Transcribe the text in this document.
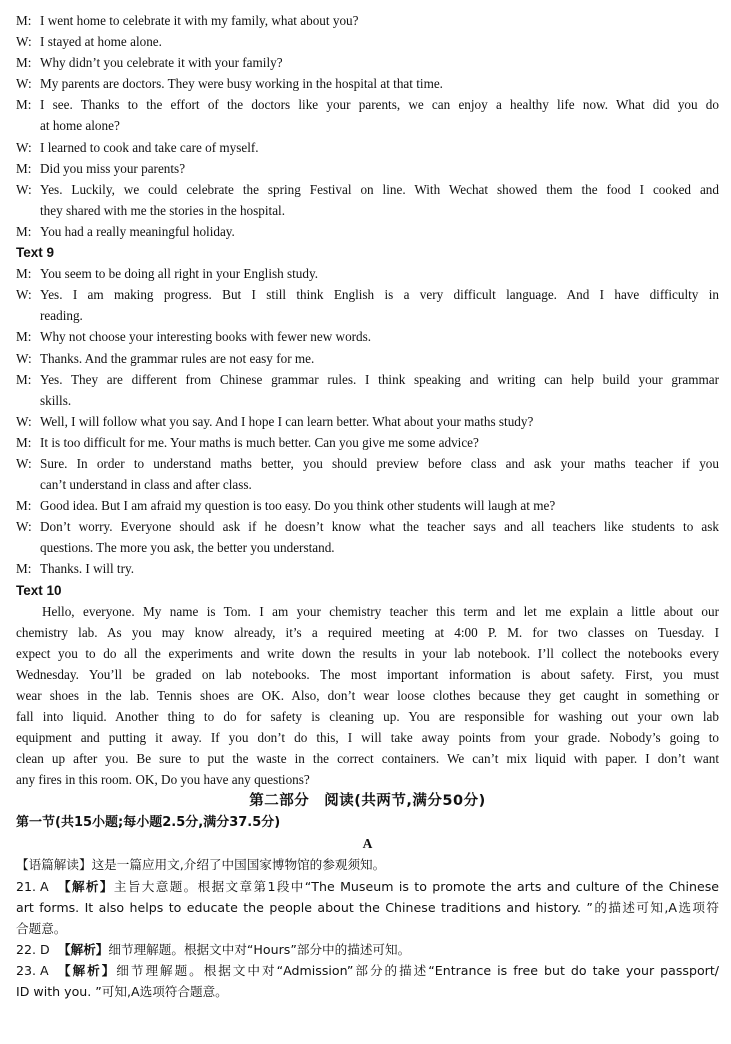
M: I went home to celebrate it with my family, what about you?
W: I stayed at home alone.
M: Why didn’t you celebrate it with your family?
W: My parents are doctors. They were busy working in the hospital at that time.
M: I see. Thanks to the effort of the doctors like your parents, we can enjoy a healthy life now. What did you do
at home alone?
W: I learned to cook and take care of myself.
M: Did you miss your parents?
W: Yes. Luckily, we could celebrate the spring Festival on line. With Wechat showed them the food I cooked and
they shared with me the stories in the hospital.
M: You had a really meaningful holiday.
Text 9
M: You seem to be doing all right in your English study.
W: Yes. I am making progress. But I still think English is a very difficult language. And I have difficulty in
reading.
M: Why not choose your interesting books with fewer new words.
W: Thanks. And the grammar rules are not easy for me.
M: Yes. They are different from Chinese grammar rules. I think speaking and writing can help build your grammar
skills.
W: Well, I will follow what you say. And I hope I can learn better. What about your maths study?
M: It is too difficult for me. Your maths is much better. Can you give me some advice?
W: Sure. In order to understand maths better, you should preview before class and ask your maths teacher if you
can’t understand in class and after class.
M: Good idea. But I am afraid my question is too easy. Do you think other students will laugh at me?
W: Don’t worry. Everyone should ask if he doesn’t know what the teacher says and all teachers like students to ask
questions. The more you ask, the better you understand.
M: Thanks. I will try.
Text 10
Hello, everyone. My name is Tom. I am your chemistry teacher this term and let me explain a little about our
chemistry lab. As you may know already, it’s a required meeting at 4:00 P. M. for two classes on Tuesday. I
expect you to do all the experiments and write down the results in your lab notebook. I’ll collect the notebooks every
Wednesday. You’ll be graded on lab notebooks. The most important information is about safety. First, you must
wear shoes in the lab. Tennis shoes are OK. Also, don’t wear loose clothes because they get caught in something or
fall into liquid. Another thing to do for safety is cleaning up. You are responsible for washing out your own lab
equipment and putting it away. If you don’t do this, I will take away points from your grade. Nobody’s going to
clean up after you. Be sure to put the waste in the correct containers. We can’t mix liquid with paper. I don’t want
any fires in this room. OK, Do you have any questions?
第二部分　阅读(共两节,满分50分)
第一节(共15小题;每小题2.5分,满分37.5分)
A
【语篇解读】这是一篇应用文,介绍了中国国家博物馆的参观须知。
21. A 【解析】主旨大意题。根据文章第1段中“The Museum is to promote the arts and culture of the Chinese
art forms. It also helps to educate the people about the Chinese traditions and history. ”的描述可知,A选项符
合题意。
22. D 【解析】细节理解题。根据文中对“Hours”部分中的描述可知。
23. A 【解析】细节理解题。根据文中对“Admission”部分的描述“Entrance is free but do take your passport/
ID with you. ”可知,A选项符合题意。
